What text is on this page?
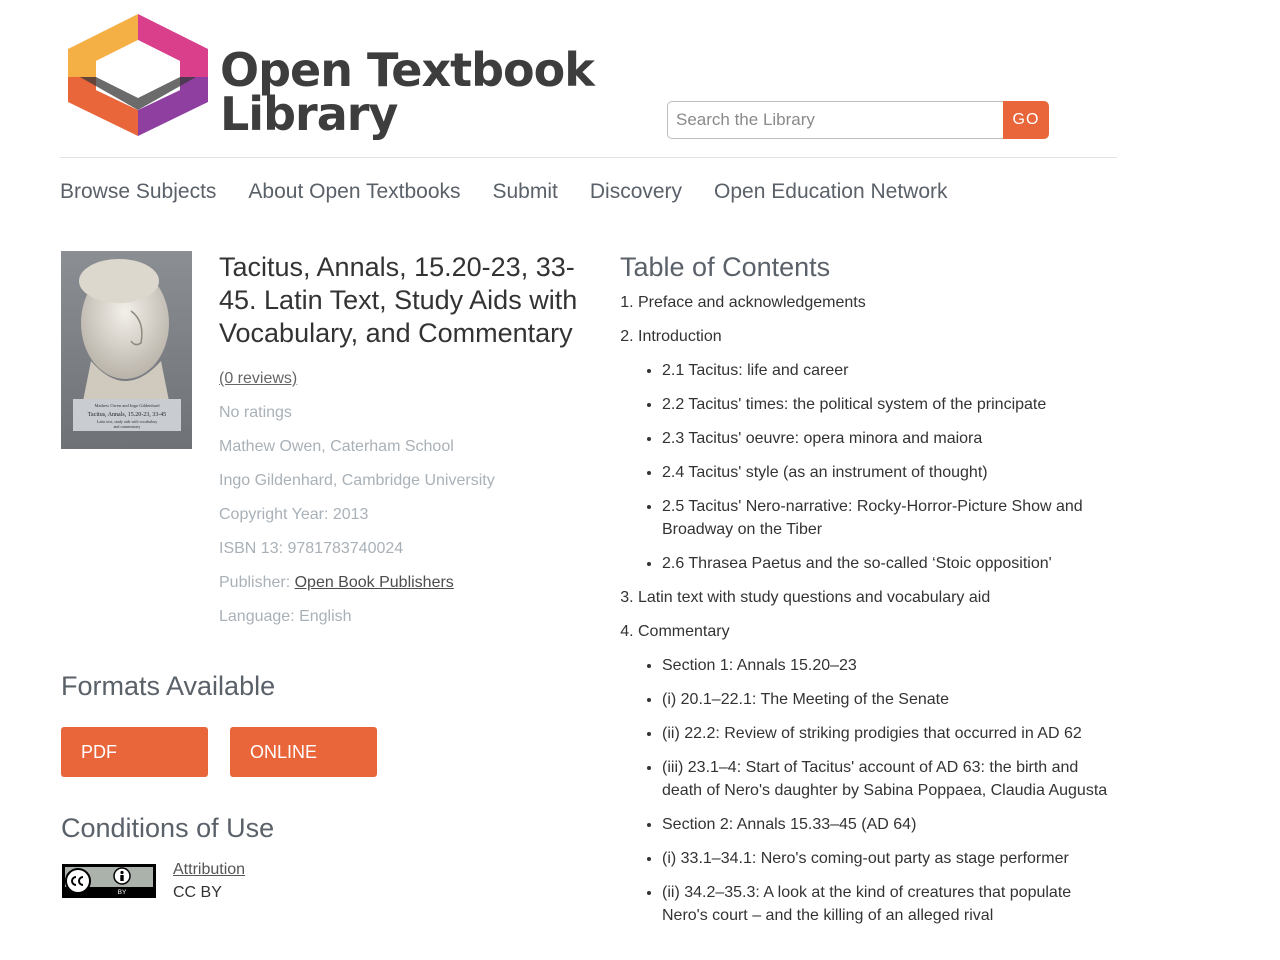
Open Textbook
Library
Search the Library	GO
Browse Subjects About Open Textbooks Submit Discovery Open Education Network
Mathew Owen and Ingo Gildenhard
Tacitus, Annals, 15.20-23, 33-45
Latin text, study aids with vocabulary
and commentary
Tacitus, Annals, 15.20-23, 33-45. Latin Text, Study Aids with Vocabulary, and Commentary
(0 reviews)
No ratings
Mathew Owen, Caterham School
Ingo Gildenhard, Cambridge University
Copyright Year: 2013
ISBN 13: 9781783740024
Publisher: Open Book Publishers
Language: English
Formats Available
PDF	ONLINE
Conditions of Use
BY
Attribution
CC BY
Table of Contents
1. Preface and acknowledgements
2. Introduction
• 2.1 Tacitus: life and career
• 2.2 Tacitus' times: the political system of the principate
• 2.3 Tacitus' oeuvre: opera minora and maiora
• 2.4 Tacitus' style (as an instrument of thought)
• 2.5 Tacitus' Nero-narrative: Rocky-Horror-Picture Show and Broadway on the Tiber
• 2.6 Thrasea Paetus and the so-called ‘Stoic opposition'
3. Latin text with study questions and vocabulary aid
4. Commentary
• Section 1: Annals 15.20–23
• (i) 20.1–22.1: The Meeting of the Senate
• (ii) 22.2: Review of striking prodigies that occurred in AD 62
• (iii) 23.1–4: Start of Tacitus' account of AD 63: the birth and death of Nero's daughter by Sabina Poppaea, Claudia Augusta
• Section 2: Annals 15.33–45 (AD 64)
• (i) 33.1–34.1: Nero's coming-out party as stage performer
• (ii) 34.2–35.3: A look at the kind of creatures that populate Nero's court – and the killing of an alleged rival
